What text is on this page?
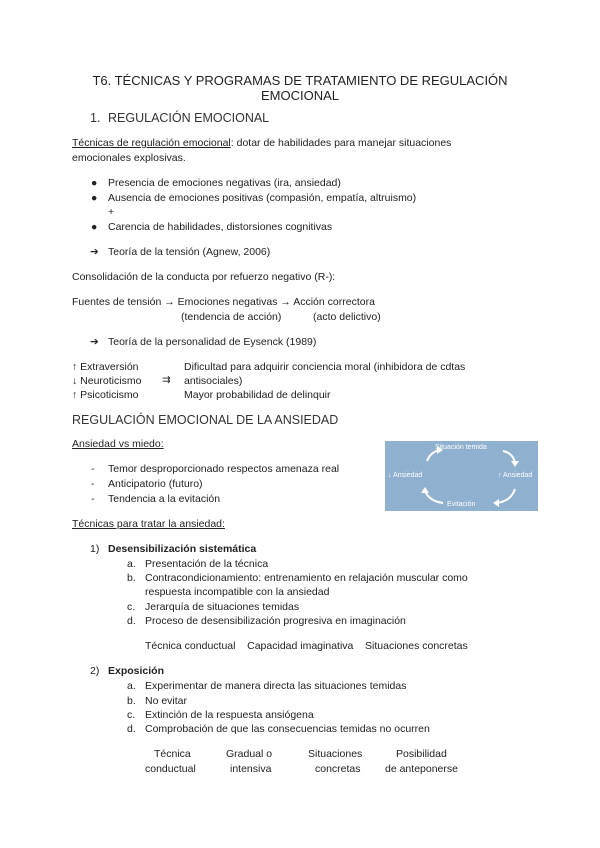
T6. TÉCNICAS Y PROGRAMAS DE TRATAMIENTO DE REGULACIÓN
EMOCIONAL
1. REGULACIÓN EMOCIONAL
Técnicas de regulación emocional: dotar de habilidades para manejar situaciones
emocionales explosivas.
● Presencia de emociones negativas (ira, ansiedad)
● Ausencia de emociones positivas (compasión, empatía, altruismo)
+
● Carencia de habilidades, distorsiones cognitivas
➔ Teoría de la tensión (Agnew, 2006)
Consolidación de la conducta por refuerzo negativo (R-):
Fuentes de tensión → Emociones negativas → Acción correctora
(tendencia de acción)	(acto delictivo)
➔ Teoría de la personalidad de Eysenck (1989)
↑ Extraversión
↓ Neuroticismo
↑ Psicoticismo
⇉
Dificultad para adquirir conciencia moral (inhibidora de cdtas
antisociales)
Mayor probabilidad de delinquir
REGULACIÓN EMOCIONAL DE LA ANSIEDAD
Ansiedad vs miedo:
- Temor desproporcionado respectos amenaza real
- Anticipatorio (futuro)
- Tendencia a la evitación
Situación temida
↓ Ansiedad	↑ Ansiedad
Evitación
Técnicas para tratar la ansiedad:
1) Desensibilización sistemática
a. Presentación de la técnica
b. Contracondicionamiento: entrenamiento en relajación muscular como
respuesta incompatible con la ansiedad
c. Jerarquía de situaciones temidas
d. Proceso de desensibilización progresiva en imaginación
Técnica conductual    Capacidad imaginativa    Situaciones concretas
2) Exposición
a. Experimentar de manera directa las situaciones temidas
b. No evitar
c. Extinción de la respuesta ansiógena
d. Comprobación de que las consecuencias temidas no ocurren
Técnica
conductual
Gradual o
intensiva
Situaciones
concretas
Posibilidad
de anteponerse
